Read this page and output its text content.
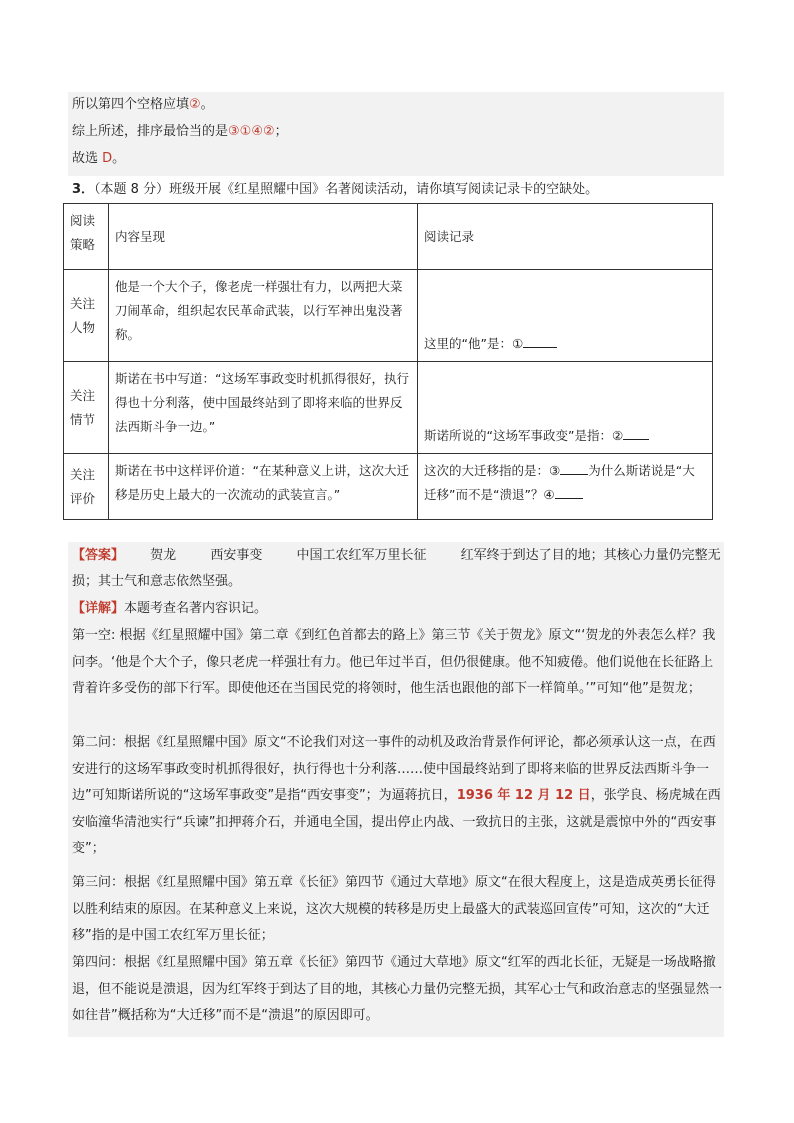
所以第四个空格应填②。
综上所述，排序最恰当的是③①④②；
故选 D。
3．（本题 8 分）班级开展《红星照耀中国》名著阅读活动，请你填写阅读记录卡的空缺处。
阅读策略	内容呈现	阅读记录
关注人物	他是一个大个子，像老虎一样强壮有力，以两把大菜刀闹革命，组织起农民革命武装，以行军神出鬼没著称。	这里的“他”是：①
关注情节	斯诺在书中写道：“这场军事政变时机抓得很好，执行得也十分利落，使中国最终站到了即将来临的世界反法西斯斗争一边。”	斯诺所说的“这场军事政变”是指：②
关注评价	斯诺在书中这样评价道：“在某种意义上讲，这次大迁移是历史上最大的一次流动的武装宣言。”	这次的大迁移指的是：③ 为什么斯诺说是“大迁移”而不是“溃退”？④
【答案】 贺龙	西安事变	中国工农红军万里长征	红军终于到达了目的地；其核心力量仍完整无损；其士气和意志依然坚强。
【详解】本题考查名著内容识记。
第一空: 根据《红星照耀中国》第二章《到红色首都去的路上》第三节《关于贺龙》原文“‘贺龙的外表怎么样？我问李。‘他是个大个子，像只老虎一样强壮有力。他已年过半百，但仍很健康。他不知疲倦。他们说他在长征路上背着许多受伤的部下行军。即使他还在当国民党的将领时，他生活也跟他的部下一样简单。’”可知“他”是贺龙；
第二问：根据《红星照耀中国》原文“不论我们对这一事件的动机及政治背景作何评论，都必须承认这一点，在西安进行的这场军事政变时机抓得很好，执行得也十分利落……使中国最终站到了即将来临的世界反法西斯斗争一边”可知斯诺所说的“这场军事政变”是指“西安事变”；为逼蒋抗日，1936 年 12 月 12 日，张学良、杨虎城在西安临潼华清池实行“兵谏”扣押蒋介石，并通电全国，提出停止内战、一致抗日的主张，这就是震惊中外的“西安事变”；
第三问：根据《红星照耀中国》第五章《长征》第四节《通过大草地》原文“在很大程度上，这是造成英勇长征得以胜利结束的原因。在某种意义上来说，这次大规模的转移是历史上最盛大的武装巡回宣传”可知，这次的“大迁移”指的是中国工农红军万里长征；
第四问：根据《红星照耀中国》第五章《长征》第四节《通过大草地》原文“红军的西北长征，无疑是一场战略撤退，但不能说是溃退，因为红军终于到达了目的地，其核心力量仍完整无损，其军心士气和政治意志的坚强显然一如往昔”概括称为“大迁移”而不是“溃退”的原因即可。
